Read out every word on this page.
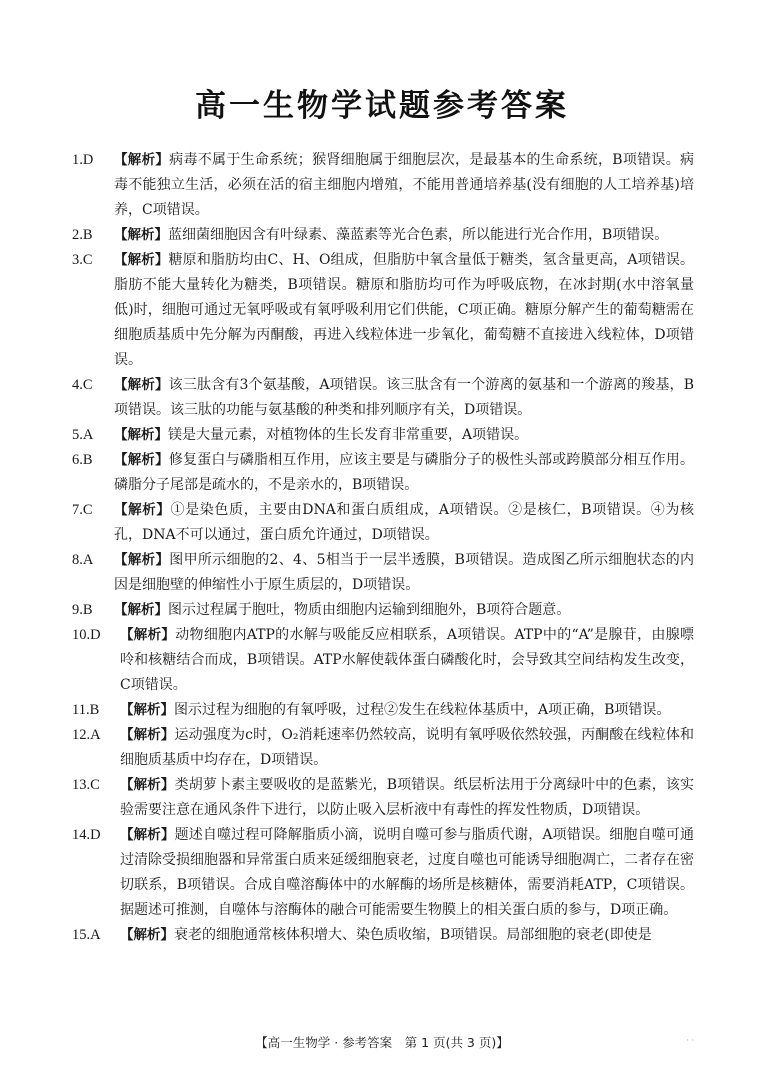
高一生物学试题参考答案

1.D	【解析】病毒不属于生命系统；猴肾细胞属于细胞层次，是最基本的生命系统，B项错误。病毒不能独立生活，必须在活的宿主细胞内增殖，不能用普通培养基(没有细胞的人工培养基)培养，C项错误。

2.B	【解析】蓝细菌细胞因含有叶绿素、藻蓝素等光合色素，所以能进行光合作用，B项错误。

3.C	【解析】糖原和脂肪均由C、H、O组成，但脂肪中氧含量低于糖类，氢含量更高，A项错误。脂肪不能大量转化为糖类，B项错误。糖原和脂肪均可作为呼吸底物，在冰封期(水中溶氧量低)时，细胞可通过无氧呼吸或有氧呼吸利用它们供能，C项正确。糖原分解产生的葡萄糖需在细胞质基质中先分解为丙酮酸，再进入线粒体进一步氧化，葡萄糖不直接进入线粒体，D项错误。

4.C	【解析】该三肽含有3个氨基酸，A项错误。该三肽含有一个游离的氨基和一个游离的羧基，B项错误。该三肽的功能与氨基酸的种类和排列顺序有关，D项错误。

5.A	【解析】镁是大量元素，对植物体的生长发育非常重要，A项错误。

6.B	【解析】修复蛋白与磷脂相互作用，应该主要是与磷脂分子的极性头部或跨膜部分相互作用。磷脂分子尾部是疏水的，不是亲水的，B项错误。

7.C	【解析】①是染色质，主要由DNA和蛋白质组成，A项错误。②是核仁，B项错误。④为核孔，DNA不可以通过，蛋白质允许通过，D项错误。

8.A	【解析】图甲所示细胞的2、4、5相当于一层半透膜，B项错误。造成图乙所示细胞状态的内因是细胞壁的伸缩性小于原生质层的，D项错误。

9.B	【解析】图示过程属于胞吐，物质由细胞内运输到细胞外，B项符合题意。

10.D	【解析】动物细胞内ATP的水解与吸能反应相联系，A项错误。ATP中的“A”是腺苷，由腺嘌呤和核糖结合而成，B项错误。ATP水解使载体蛋白磷酸化时，会导致其空间结构发生改变，C项错误。

11.B	【解析】图示过程为细胞的有氧呼吸，过程②发生在线粒体基质中，A项正确，B项错误。

12.A	【解析】运动强度为c时，O₂消耗速率仍然较高，说明有氧呼吸依然较强，丙酮酸在线粒体和细胞质基质中均存在，D项错误。

13.C	【解析】类胡萝卜素主要吸收的是蓝紫光，B项错误。纸层析法用于分离绿叶中的色素，该实验需要注意在通风条件下进行，以防止吸入层析液中有毒性的挥发性物质，D项错误。

14.D	【解析】题述自噬过程可降解脂质小滴，说明自噬可参与脂质代谢，A项错误。细胞自噬可通过清除受损细胞器和异常蛋白质来延缓细胞衰老，过度自噬也可能诱导细胞凋亡，二者存在密切联系，B项错误。合成自噬溶酶体中的水解酶的场所是核糖体，需要消耗ATP，C项错误。据题述可推测，自噬体与溶酶体的融合可能需要生物膜上的相关蛋白质的参与，D项正确。

15.A	【解析】衰老的细胞通常核体积增大、染色质收缩，B项错误。局部细胞的衰老(即使是

【高一生物学 · 参考答案　第 1 页(共 3 页)】	· ·
